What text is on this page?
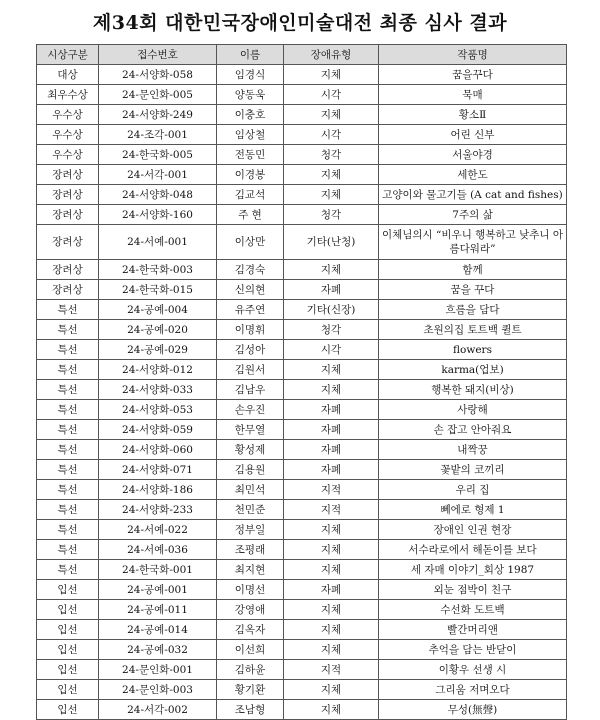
제34회 대한민국장애인미술대전 최종 심사 결과
시상구분	접수번호	이름	장애유형	작품명
대상	24-서양화-058	임경식	지체	꿈을꾸다
최우수상	24-문인화-005	양동욱	시각	묵매
우수상	24-서양화-249	이충호	지체	황소Ⅱ
우수상	24-조각-001	임상철	시각	어린 신부
우수상	24-한국화-005	전동민	청각	서울야경
장려상	24-서각-001	이경봉	지체	세한도
장려상	24-서양화-048	김교석	지체	고양이와 물고기들 (A cat and fishes)
장려상	24-서양화-160	주 현	청각	7주의 삶
장려상	24-서예-001	이상만	기타(난청)	이체님의시 “비우니 행복하고 낮추니 아름다워라”
장려상	24-한국화-003	김경숙	지체	함께
장려상	24-한국화-015	신의현	자폐	꿈을 꾸다
특선	24-공예-004	유주연	기타(신장)	흐름을 담다
특선	24-공예-020	이명휘	청각	초원의집 토트백 퀼트
특선	24-공예-029	김성아	시각	flowers
특선	24-서양화-012	김원서	지체	karma(업보)
특선	24-서양화-033	김남우	지체	행복한 돼지(비상)
특선	24-서양화-053	손우진	자폐	사랑해
특선	24-서양화-059	한무열	자폐	손 잡고 안아줘요
특선	24-서양화-060	황성제	자폐	내짝꿍
특선	24-서양화-071	김용원	자폐	꽃밭의 코끼리
특선	24-서양화-186	최민석	지적	우리 집
특선	24-서양화-233	천민준	지적	뻬에로 형제 1
특선	24-서예-022	정부일	지체	장애인 인권 현장
특선	24-서예-036	조평래	지체	서수라로에서 해돋이를 보다
특선	24-한국화-001	최지현	지체	세 자매 이야기_회상 1987
입선	24-공예-001	이명선	자폐	외눈 점박이 친구
입선	24-공예-011	강영애	지체	수선화 도트백
입선	24-공예-014	김옥자	지체	빨간머리앤
입선	24-공예-032	이선희	지체	추억을 담는 반닫이
입선	24-문인화-001	김하윤	지적	이황우 선생 시
입선	24-문인화-003	황기환	지체	그리움 저며오다
입선	24-서각-002	조남형	지체	무성(無聲)
